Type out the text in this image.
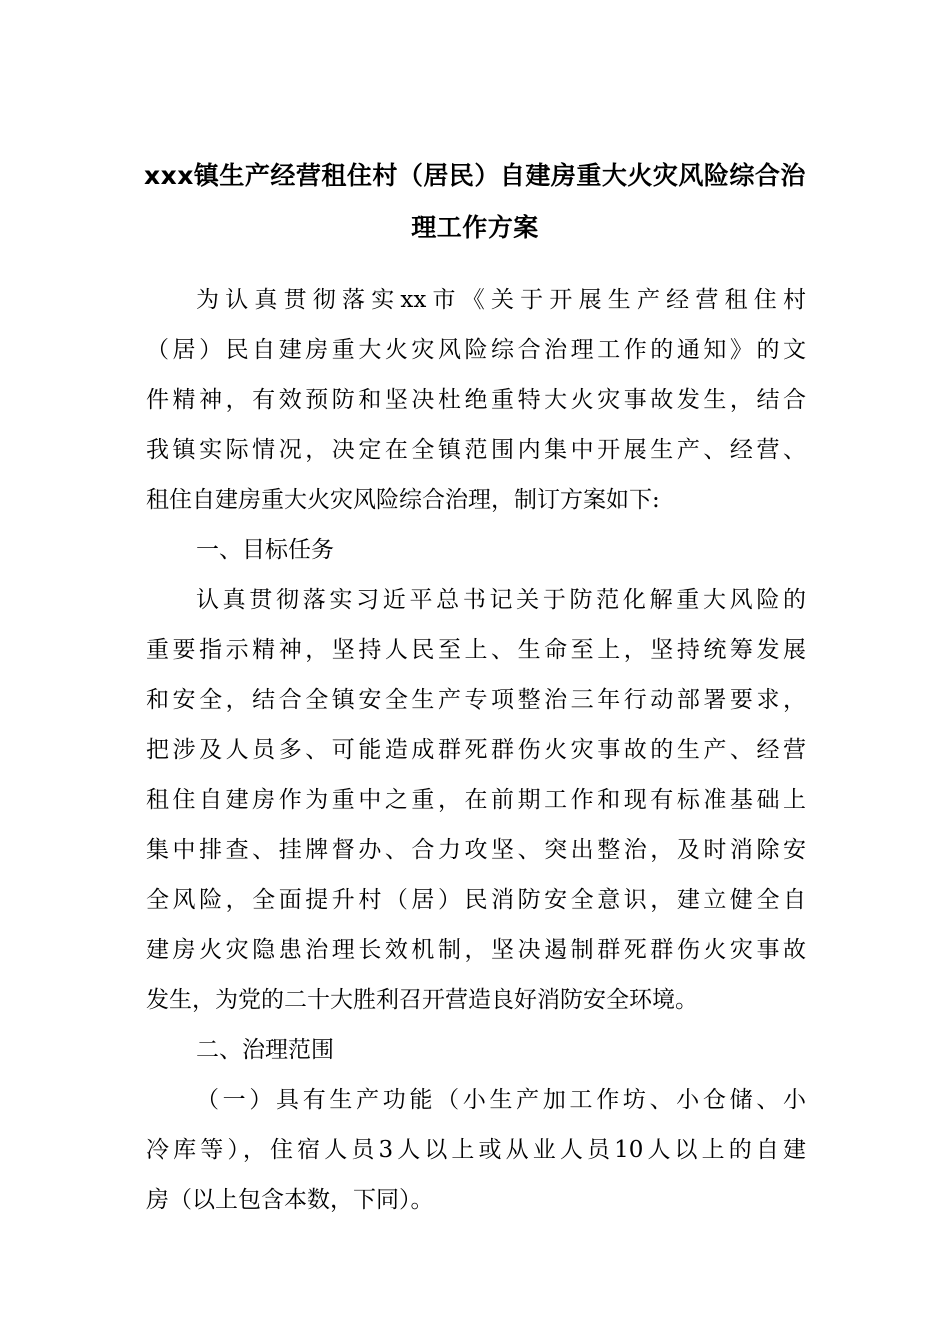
xxx镇生产经营租住村（居民）自建房重大火灾风险综合治
理工作方案
为认真贯彻落实xx市《关于开展生产经营租住村
（居）民自建房重大火灾风险综合治理工作的通知》的文
件精神，有效预防和坚决杜绝重特大火灾事故发生，结合
我镇实际情况，决定在全镇范围内集中开展生产、经营、
租住自建房重大火灾风险综合治理，制订方案如下:
一、目标任务
认真贯彻落实习近平总书记关于防范化解重大风险的
重要指示精神，坚持人民至上、生命至上，坚持统筹发展
和安全，结合全镇安全生产专项整治三年行动部署要求，
把涉及人员多、可能造成群死群伤火灾事故的生产、经营
租住自建房作为重中之重，在前期工作和现有标准基础上
集中排查、挂牌督办、合力攻坚、突出整治，及时消除安
全风险，全面提升村（居）民消防安全意识，建立健全自
建房火灾隐患治理长效机制，坚决遏制群死群伤火灾事故
发生，为党的二十大胜利召开营造良好消防安全环境。
二、治理范围
（一）具有生产功能（小生产加工作坊、小仓储、小
冷库等），住宿人员3人以上或从业人员10人以上的自建
房（以上包含本数，下同）。
